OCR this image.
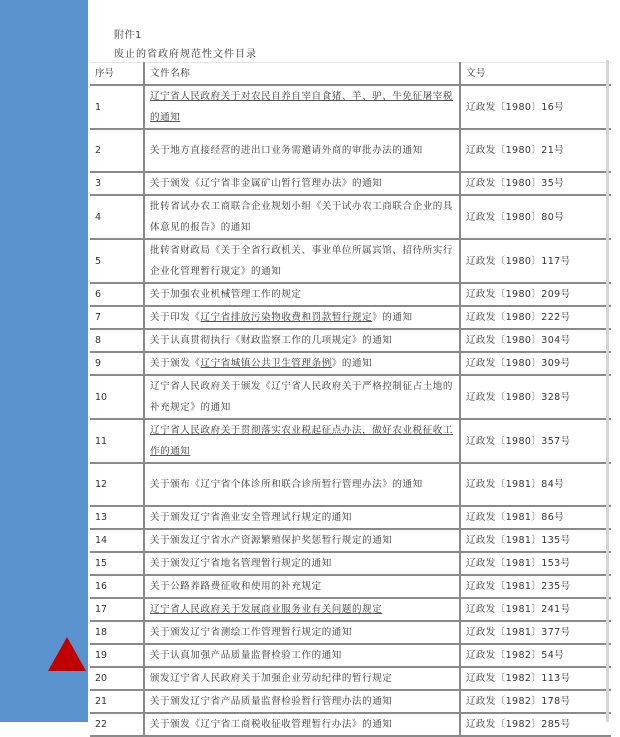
附件1
废止的省政府规范性文件目录
序号	文件名称	文号
1	辽宁省人民政府关于对农民自养自宰自食猪、羊、驴、牛免征屠宰税的通知	辽政发〔1980〕16号
2	关于地方直接经营的进出口业务需邀请外商的审批办法的通知	辽政发〔1980〕21号
3	关于颁发《辽宁省非金属矿山暂行管理办法》的通知	辽政发〔1980〕35号
4	批转省试办农工商联合企业规划小组《关于试办农工商联合企业的具体意见的报告》的通知	辽政发〔1980〕80号
5	批转省财政局《关于全省行政机关、事业单位所属宾馆、招待所实行企业化管理暂行规定》的通知	辽政发〔1980〕117号
6	关于加强农业机械管理工作的规定	辽政发〔1980〕209号
7	关于印发《辽宁省排放污染物收费和罚款暂行规定》的通知	辽政发〔1980〕222号
8	关于认真贯彻执行《财政监察工作的几项规定》的通知	辽政发〔1980〕304号
9	关于颁发《辽宁省城镇公共卫生管理条例》的通知	辽政发〔1980〕309号
10	辽宁省人民政府关于颁发《辽宁省人民政府关于严格控制征占土地的补充规定》的通知	辽政发〔1980〕328号
11	辽宁省人民政府关于贯彻落实农业税起征点办法，做好农业税征收工作的通知	辽政发〔1980〕357号
12	关于颁布《辽宁省个体诊所和联合诊所暂行管理办法》的通知	辽政发〔1981〕84号
13	关于颁发辽宁省渔业安全管理试行规定的通知	辽政发〔1981〕86号
14	关于颁发辽宁省水产资源繁殖保护奖惩暂行规定的通知	辽政发〔1981〕135号
15	关于颁发辽宁省地名管理暂行规定的通知	辽政发〔1981〕153号
16	关于公路养路费征收和使用的补充规定	辽政发〔1981〕235号
17	辽宁省人民政府关于发展商业服务业有关问题的规定	辽政发〔1981〕241号
18	关于颁发辽宁省测绘工作管理暂行规定的通知	辽政发〔1981〕377号
19	关于认真加强产品质量监督检验工作的通知	辽政发〔1982〕54号
20	颁发辽宁省人民政府关于加强企业劳动纪律的暂行规定	辽政发〔1982〕113号
21	关于颁发辽宁省产品质量监督检验暂行管理办法的通知	辽政发〔1982〕178号
22	关于颁发《辽宁省工商税收征收管理暂行办法》的通知	辽政发〔1982〕285号
